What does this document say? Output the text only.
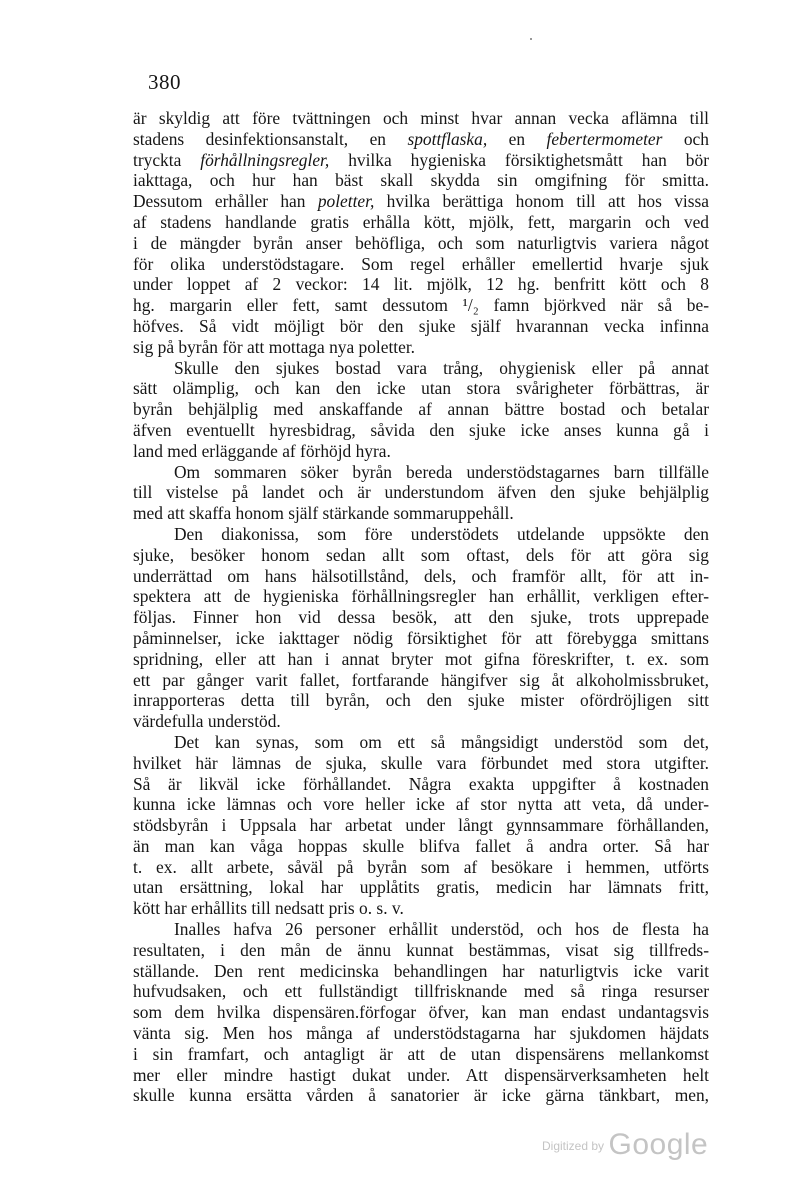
380
är skyldig att före tvättningen och minst hvar annan vecka aflämna till
stadens desinfektionsanstalt, en spottflaska, en febertermometer och
tryckta förhållningsregler, hvilka hygieniska försiktighetsmått han bör
iakttaga, och hur han bäst skall skydda sin omgifning för smitta.
Dessutom erhåller han poletter, hvilka berättiga honom till att hos vissa
af stadens handlande gratis erhålla kött, mjölk, fett, margarin och ved
i de mängder byrån anser behöfliga, och som naturligtvis variera något
för olika understödstagare. Som regel erhåller emellertid hvarje sjuk
under loppet af 2 veckor: 14 lit. mjölk, 12 hg. benfritt kött och 8
hg. margarin eller fett, samt dessutom ¹/₂ famn björkved när så be-
höfves. Så vidt möjligt bör den sjuke själf hvarannan vecka infinna
sig på byrån för att mottaga nya poletter.
Skulle den sjukes bostad vara trång, ohygienisk eller på annat
sätt olämplig, och kan den icke utan stora svårigheter förbättras, är
byrån behjälplig med anskaffande af annan bättre bostad och betalar
äfven eventuellt hyresbidrag, såvida den sjuke icke anses kunna gå i
land med erläggande af förhöjd hyra.
Om sommaren söker byrån bereda understödstagarnes barn tillfälle
till vistelse på landet och är understundom äfven den sjuke behjälplig
med att skaffa honom själf stärkande sommaruppehåll.
Den diakonissa, som före understödets utdelande uppsökte den
sjuke, besöker honom sedan allt som oftast, dels för att göra sig
underrättad om hans hälsotillstånd, dels, och framför allt, för att in-
spektera att de hygieniska förhållningsregler han erhållit, verkligen efter-
följas. Finner hon vid dessa besök, att den sjuke, trots upprepade
påminnelser, icke iakttager nödig försiktighet för att förebygga smittans
spridning, eller att han i annat bryter mot gifna föreskrifter, t. ex. som
ett par gånger varit fallet, fortfarande hängifver sig åt alkoholmissbruket,
inrapporteras detta till byrån, och den sjuke mister ofördröjligen sitt
värdefulla understöd.
Det kan synas, som om ett så mångsidigt understöd som det,
hvilket här lämnas de sjuka, skulle vara förbundet med stora utgifter.
Så är likväl icke förhållandet. Några exakta uppgifter å kostnaden
kunna icke lämnas och vore heller icke af stor nytta att veta, då under-
stödsbyrån i Uppsala har arbetat under långt gynnsammare förhållanden,
än man kan våga hoppas skulle blifva fallet å andra orter. Så har
t. ex. allt arbete, såväl på byrån som af besökare i hemmen, utförts
utan ersättning, lokal har upplåtits gratis, medicin har lämnats fritt,
kött har erhållits till nedsatt pris o. s. v.
Inalles hafva 26 personer erhållit understöd, och hos de flesta ha
resultaten, i den mån de ännu kunnat bestämmas, visat sig tillfreds-
ställande. Den rent medicinska behandlingen har naturligtvis icke varit
hufvudsaken, och ett fullständigt tillfrisknande med så ringa resurser
som dem hvilka dispensären.förfogar öfver, kan man endast undantagsvis
vänta sig. Men hos många af understödstagarna har sjukdomen häjdats
i sin framfart, och antagligt är att de utan dispensärens mellankomst
mer eller mindre hastigt dukat under. Att dispensärverksamheten helt
skulle kunna ersätta vården å sanatorier är icke gärna tänkbart, men,
$^{Digitized by}$ Google
